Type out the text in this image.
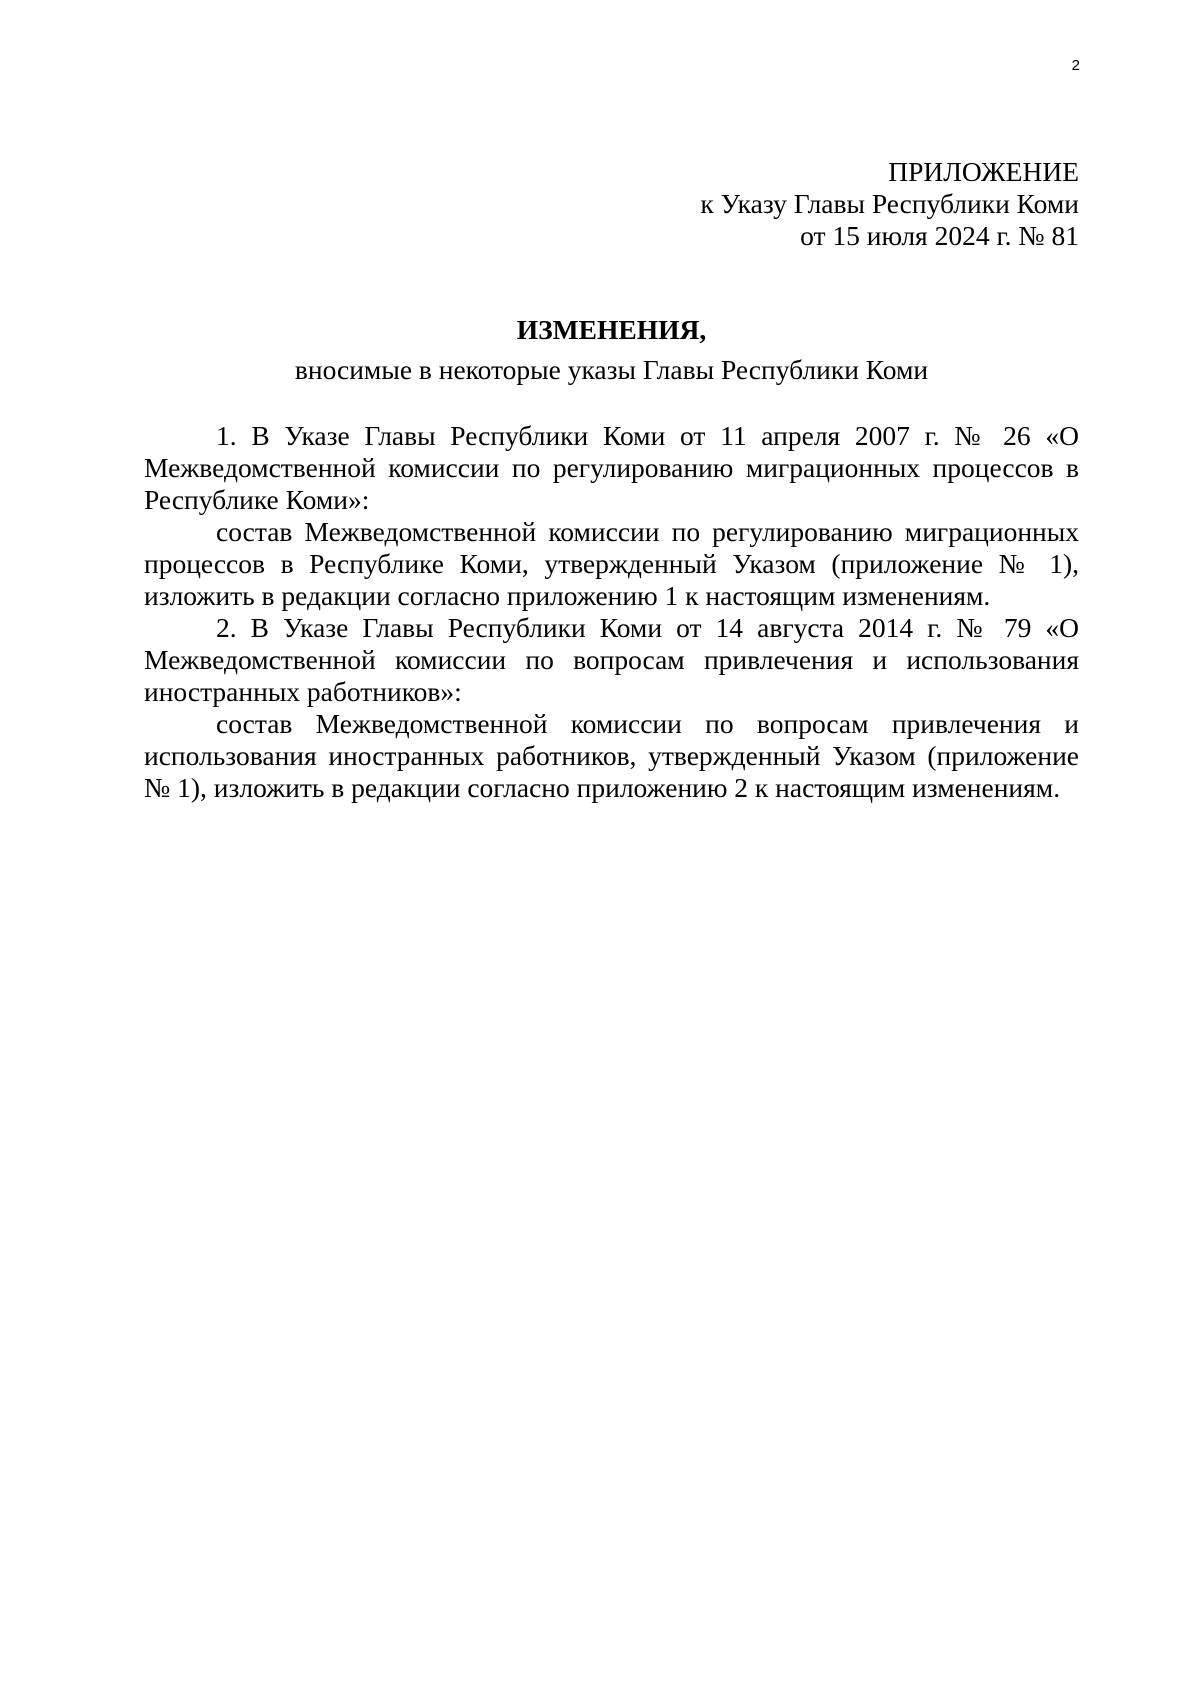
2
ПРИЛОЖЕНИЕ
к Указу Главы Республики Коми
от 15 июля 2024 г. № 81
ИЗМЕНЕНИЯ,
вносимые в некоторые указы Главы Республики Коми

1. В Указе Главы Республики Коми от 11 апреля 2007 г. № 26 «О Межведомственной комиссии по регулированию миграционных процессов в Республике Коми»:

состав Межведомственной комиссии по регулированию миграционных процессов в Республике Коми, утвержденный Указом (приложение № 1), изложить в редакции согласно приложению 1 к настоящим изменениям.

2. В Указе Главы Республики Коми от 14 августа 2014 г. № 79 «О Межведомственной комиссии по вопросам привлечения и использования иностранных работников»:

состав Межведомственной комиссии по вопросам привлечения и использования иностранных работников, утвержденный Указом (приложение № 1), изложить в редакции согласно приложению 2 к настоящим изменениям.
